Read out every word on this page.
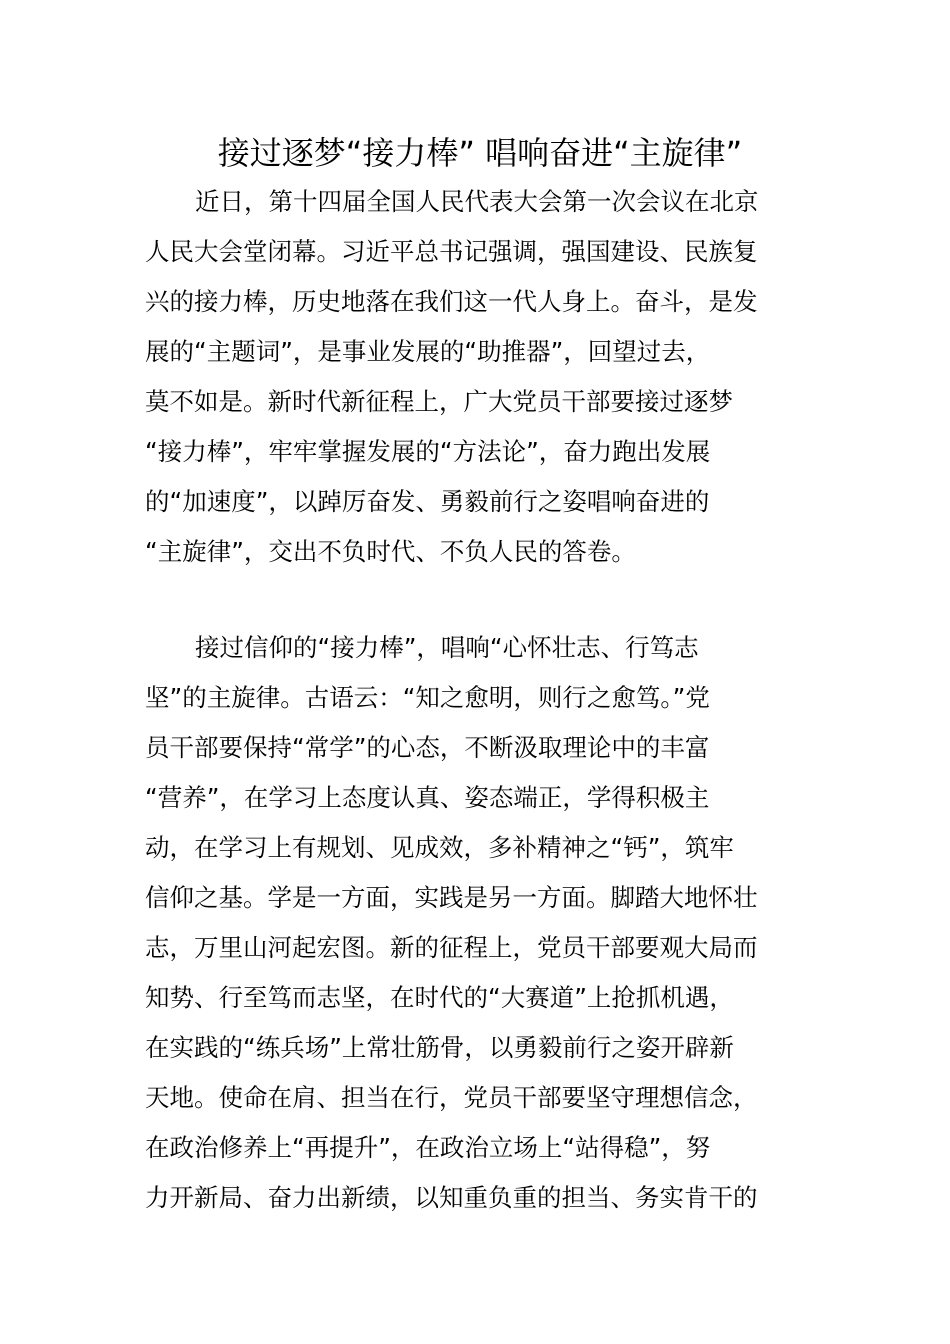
接过逐梦“接力棒” 唱响奋进“主旋律”
近日，第十四届全国人民代表大会第一次会议在北京
人民大会堂闭幕。习近平总书记强调，强国建设、民族复
兴的接力棒，历史地落在我们这一代人身上。奋斗，是发
展的“主题词”，是事业发展的“助推器”，回望过去，
莫不如是。新时代新征程上，广大党员干部要接过逐梦
“接力棒”，牢牢掌握发展的“方法论”，奋力跑出发展
的“加速度”，以踔厉奋发、勇毅前行之姿唱响奋进的
“主旋律”，交出不负时代、不负人民的答卷。
接过信仰的“接力棒”，唱响“心怀壮志、行笃志
坚”的主旋律。古语云：“知之愈明，则行之愈笃。”党
员干部要保持“常学”的心态，不断汲取理论中的丰富
“营养”，在学习上态度认真、姿态端正，学得积极主
动，在学习上有规划、见成效，多补精神之“钙”，筑牢
信仰之基。学是一方面，实践是另一方面。脚踏大地怀壮
志，万里山河起宏图。新的征程上，党员干部要观大局而
知势、行至笃而志坚，在时代的“大赛道”上抢抓机遇，
在实践的“练兵场”上常壮筋骨，以勇毅前行之姿开辟新
天地。使命在肩、担当在行，党员干部要坚守理想信念，
在政治修养上“再提升”，在政治立场上“站得稳”，努
力开新局、奋力出新绩，以知重负重的担当、务实肯干的
